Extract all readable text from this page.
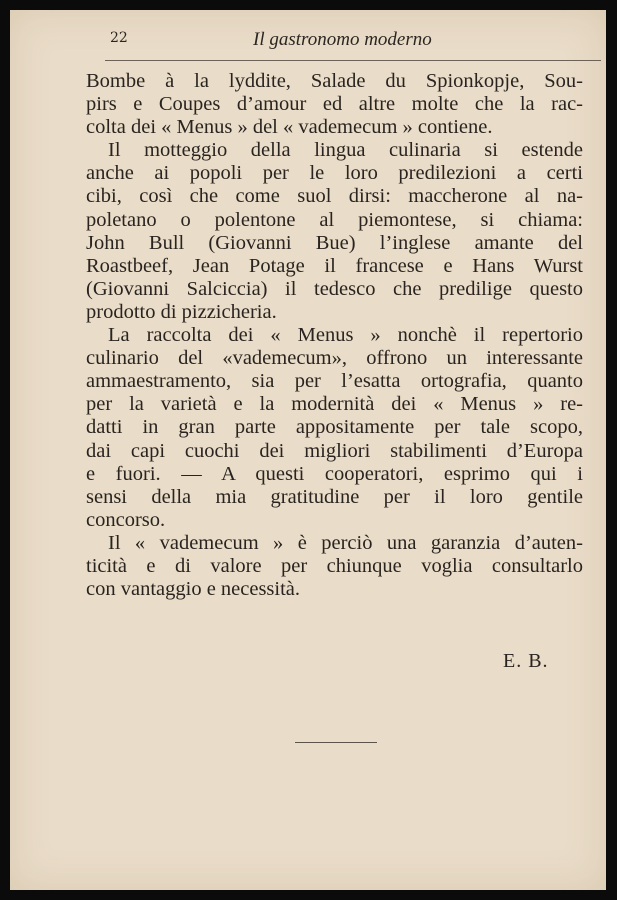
22	Il gastronomo moderno

Bombe à la lyddite, Salade du Spionkopje, Sou-
pirs e Coupes d’amour ed altre molte che la rac-
colta dei « Menus » del « vademecum » contiene.

Il motteggio della lingua culinaria si estende
anche ai popoli per le loro predilezioni a certi
cibi, così che come suol dirsi: maccherone al na-
poletano o polentone al piemontese, si chiama:
John Bull (Giovanni Bue) l’inglese amante del
Roastbeef, Jean Potage il francese e Hans Wurst
(Giovanni Salciccia) il tedesco che predilige questo
prodotto di pizzicheria.

La raccolta dei « Menus » nonchè il repertorio
culinario del «vademecum», offrono un interessante
ammaestramento, sia per l’esatta ortografia, quanto
per la varietà e la modernità dei « Menus » re-
datti in gran parte appositamente per tale scopo,
dai capi cuochi dei migliori stabilimenti d’Europa
e fuori. — A questi cooperatori, esprimo qui i
sensi della mia gratitudine per il loro gentile
concorso.

Il « vademecum » è perciò una garanzia d’auten-
ticità e di valore per chiunque voglia consultarlo
con vantaggio e necessità.

E. B.
